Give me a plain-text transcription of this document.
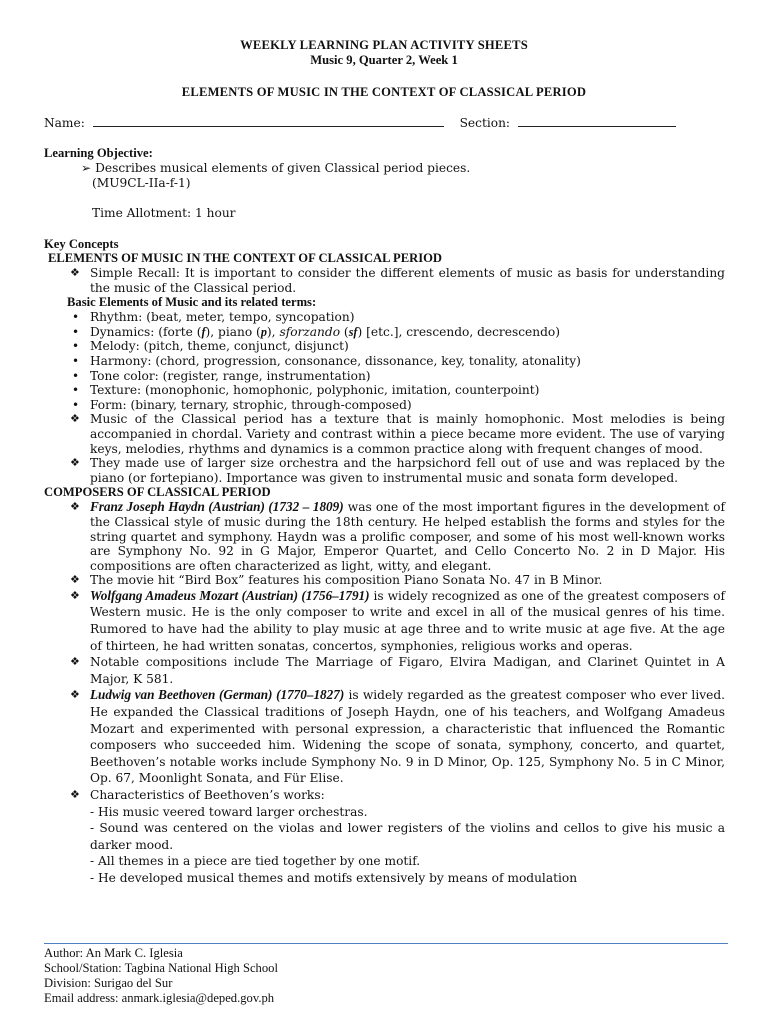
WEEKLY LEARNING PLAN ACTIVITY SHEETS
Music 9, Quarter 2, Week 1
ELEMENTS OF MUSIC IN THE CONTEXT OF CLASSICAL PERIOD
Name:	Section:
Learning Objective:
➢ Describes musical elements of given Classical period pieces.
(MU9CL-IIa-f-1)
Time Allotment: 1 hour
Key Concepts
ELEMENTS OF MUSIC IN THE CONTEXT OF CLASSICAL PERIOD
❖ Simple Recall: It is important to consider the different elements of music as basis for understanding the music of the Classical period.
Basic Elements of Music and its related terms:
• Rhythm: (beat, meter, tempo, syncopation)
• Dynamics: (forte (f), piano (p), sforzando (sf) [etc.], crescendo, decrescendo)
• Melody: (pitch, theme, conjunct, disjunct)
• Harmony: (chord, progression, consonance, dissonance, key, tonality, atonality)
• Tone color: (register, range, instrumentation)
• Texture: (monophonic, homophonic, polyphonic, imitation, counterpoint)
• Form: (binary, ternary, strophic, through-composed)
❖ Music of the Classical period has a texture that is mainly homophonic. Most melodies is being accompanied in chordal. Variety and contrast within a piece became more evident. The use of varying keys, melodies, rhythms and dynamics is a common practice along with frequent changes of mood.
❖ They made use of larger size orchestra and the harpsichord fell out of use and was replaced by the piano (or fortepiano). Importance was given to instrumental music and sonata form developed.
COMPOSERS OF CLASSICAL PERIOD
❖ Franz Joseph Haydn (Austrian) (1732 – 1809) was one of the most important figures in the development of the Classical style of music during the 18th century. He helped establish the forms and styles for the string quartet and symphony. Haydn was a prolific composer, and some of his most well-known works are Symphony No. 92 in G Major, Emperor Quartet, and Cello Concerto No. 2 in D Major. His compositions are often characterized as light, witty, and elegant.
❖ The movie hit “Bird Box” features his composition Piano Sonata No. 47 in B Minor.
❖ Wolfgang Amadeus Mozart (Austrian) (1756–1791) is widely recognized as one of the greatest composers of Western music. He is the only composer to write and excel in all of the musical genres of his time. Rumored to have had the ability to play music at age three and to write music at age five. At the age of thirteen, he had written sonatas, concertos, symphonies, religious works and operas.
❖ Notable compositions include The Marriage of Figaro, Elvira Madigan, and Clarinet Quintet in A Major, K 581.
❖ Ludwig van Beethoven (German) (1770–1827) is widely regarded as the greatest composer who ever lived. He expanded the Classical traditions of Joseph Haydn, one of his teachers, and Wolfgang Amadeus Mozart and experimented with personal expression, a characteristic that influenced the Romantic composers who succeeded him. Widening the scope of sonata, symphony, concerto, and quartet, Beethoven’s notable works include Symphony No. 9 in D Minor, Op. 125, Symphony No. 5 in C Minor, Op. 67, Moonlight Sonata, and Für Elise.
❖ Characteristics of Beethoven’s works:
- His music veered toward larger orchestras.
- Sound was centered on the violas and lower registers of the violins and cellos to give his music a darker mood.
- All themes in a piece are tied together by one motif.
- He developed musical themes and motifs extensively by means of modulation
Author: An Mark C. Iglesia
School/Station: Tagbina National High School
Division: Surigao del Sur
Email address: anmark.iglesia@deped.gov.ph
